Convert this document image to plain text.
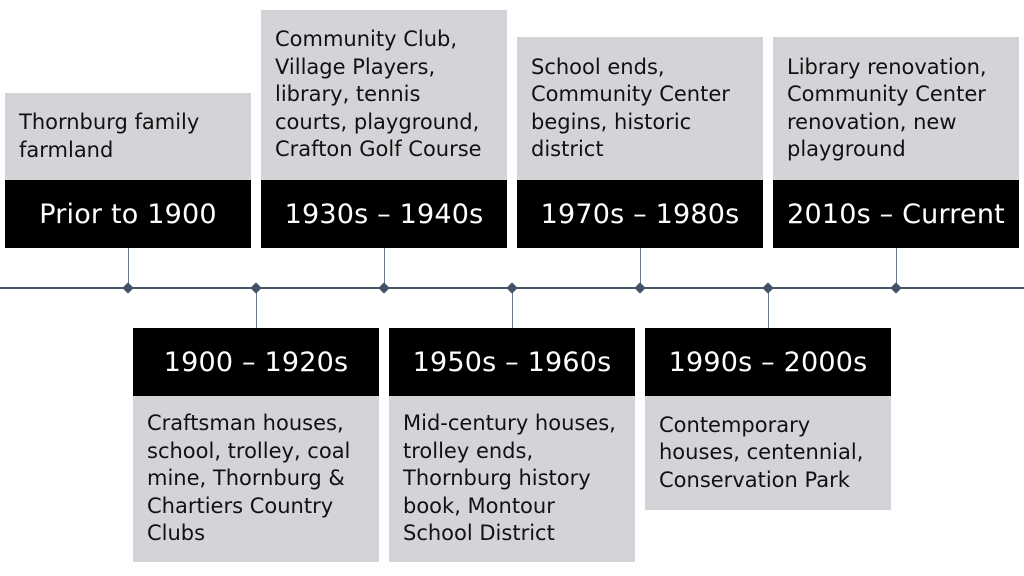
Thornburg family
farmland
Prior to 1900
Craftsman houses,
school, trolley, coal
mine, Thornburg &
Chartiers Country
Clubs
1900 – 1920s
Community Club,
Village Players,
library, tennis
courts, playground,
Crafton Golf Course
1930s – 1940s
Mid-century houses,
trolley ends,
Thornburg history
book, Montour
School District
1950s – 1960s
School ends,
Community Center
begins, historic
district
1970s – 1980s
Contemporary
houses, centennial,
Conservation Park
1990s – 2000s
Library renovation,
Community Center
renovation, new
playground
2010s – Current
